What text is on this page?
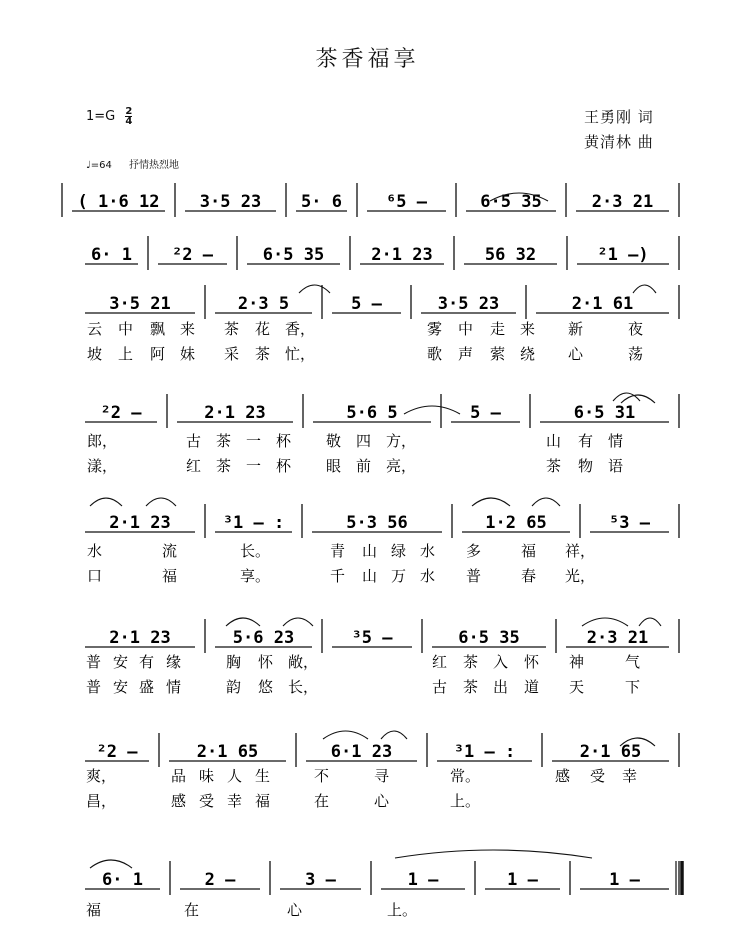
茶香福享
$1=G \frac{2}{4}$	王勇刚 词
黄清林 曲
♩=64 抒情热烈地
( 1·6 12 3·5 23 5· 6	⁶5 –	6·5 35	2·3 21
6· 1 ²2 –	6·5 35	2·1 23	56 32	²1 –)
3·5 21	2·3 5	5 –	3·5 23	2·1 61
²2 –	2·1 23	5·6 5	5 –	6·5 31
2·1 23	³1 – :	5·3 56	1·2 65	⁵3 –
2·1 23	5·6 23	³5 –	6·5 35	2·3 21
²2 –	2·1 65	6·1 23	³1 – :	2·1 65
6· 1	2 –	3 –	1 –	1 –	1 –
云 中 飘 来 茶 花 香，	雾 中 走 来 新	夜
坡 上 阿 妹 采 茶 忙，	歌 声 萦 绕 心	荡
郎，	古 茶 一 杯 敬 四 方，	山 有 情
漾，	红 茶 一 杯 眼 前 亮，	茶 物 语
水	流	长。	青 山 绿 水 多	福 祥，
口	福	享。	千 山 万 水 普	春 光，
普 安 有 缘	胸 怀 敞，	红 茶 入 怀 神	气
普 安 盛 情	韵 悠 长，	古 茶 出 道 天	下
爽，	品 味 人 生	不	寻	常。	感 受 幸
昌，	感 受 幸 福	在	心	上。
福	在	心	上。
